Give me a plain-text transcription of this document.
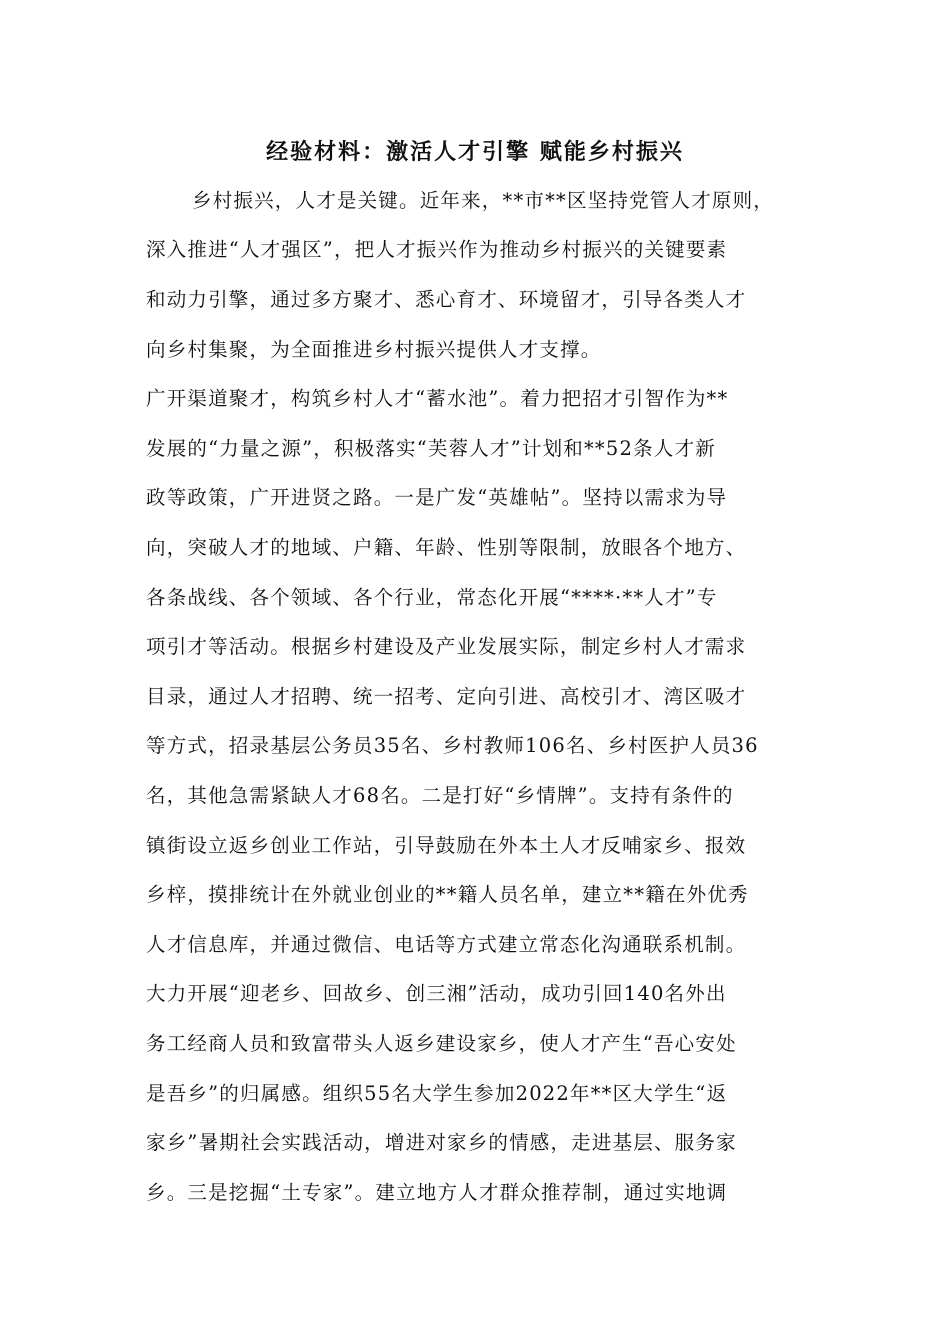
经验材料：激活人才引擎 赋能乡村振兴

乡村振兴，人才是关键。近年来，**市**区坚持党管人才原则，

深入推进“人才强区”，把人才振兴作为推动乡村振兴的关键要素

和动力引擎，通过多方聚才、悉心育才、环境留才，引导各类人才

向乡村集聚，为全面推进乡村振兴提供人才支撑。

广开渠道聚才，构筑乡村人才“蓄水池”。着力把招才引智作为**

发展的“力量之源”，积极落实“芙蓉人才”计划和**52条人才新

政等政策，广开进贤之路。一是广发“英雄帖”。坚持以需求为导

向，突破人才的地域、户籍、年龄、性别等限制，放眼各个地方、

各条战线、各个领域、各个行业，常态化开展“****·**人才”专

项引才等活动。根据乡村建设及产业发展实际，制定乡村人才需求

目录，通过人才招聘、统一招考、定向引进、高校引才、湾区吸才

等方式，招录基层公务员35名、乡村教师106名、乡村医护人员36

名，其他急需紧缺人才68名。二是打好“乡情牌”。支持有条件的

镇街设立返乡创业工作站，引导鼓励在外本土人才反哺家乡、报效

乡梓，摸排统计在外就业创业的**籍人员名单，建立**籍在外优秀

人才信息库，并通过微信、电话等方式建立常态化沟通联系机制。

大力开展“迎老乡、回故乡、创三湘”活动，成功引回140名外出

务工经商人员和致富带头人返乡建设家乡，使人才产生“吾心安处

是吾乡”的归属感。组织55名大学生参加2022年**区大学生“返

家乡”暑期社会实践活动，增进对家乡的情感，走进基层、服务家

乡。三是挖掘“土专家”。建立地方人才群众推荐制，通过实地调
